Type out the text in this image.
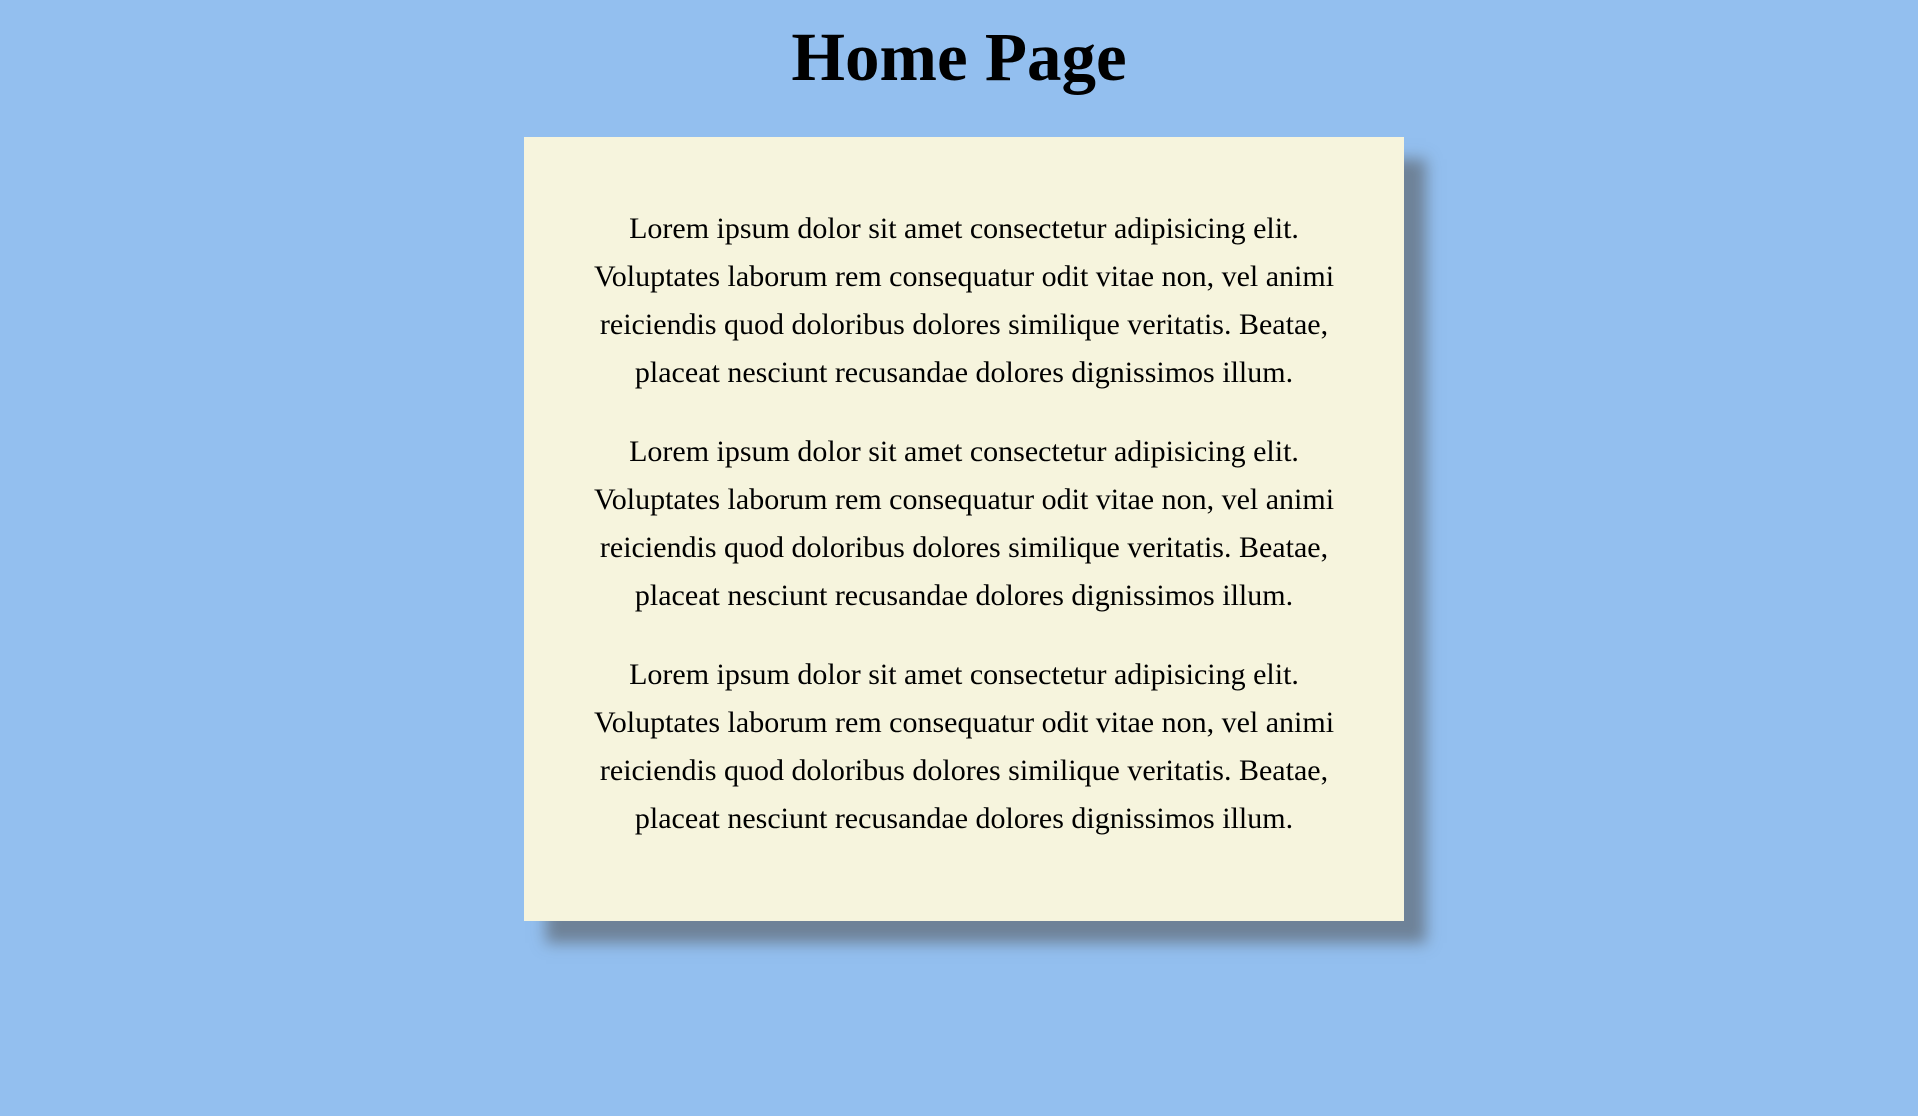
Home Page

Lorem ipsum dolor sit amet consectetur adipisicing elit. Voluptates laborum rem consequatur odit vitae non, vel animi reiciendis quod doloribus dolores similique veritatis. Beatae, placeat nesciunt recusandae dolores dignissimos illum.

Lorem ipsum dolor sit amet consectetur adipisicing elit. Voluptates laborum rem consequatur odit vitae non, vel animi reiciendis quod doloribus dolores similique veritatis. Beatae, placeat nesciunt recusandae dolores dignissimos illum.

Lorem ipsum dolor sit amet consectetur adipisicing elit. Voluptates laborum rem consequatur odit vitae non, vel animi reiciendis quod doloribus dolores similique veritatis. Beatae, placeat nesciunt recusandae dolores dignissimos illum.
